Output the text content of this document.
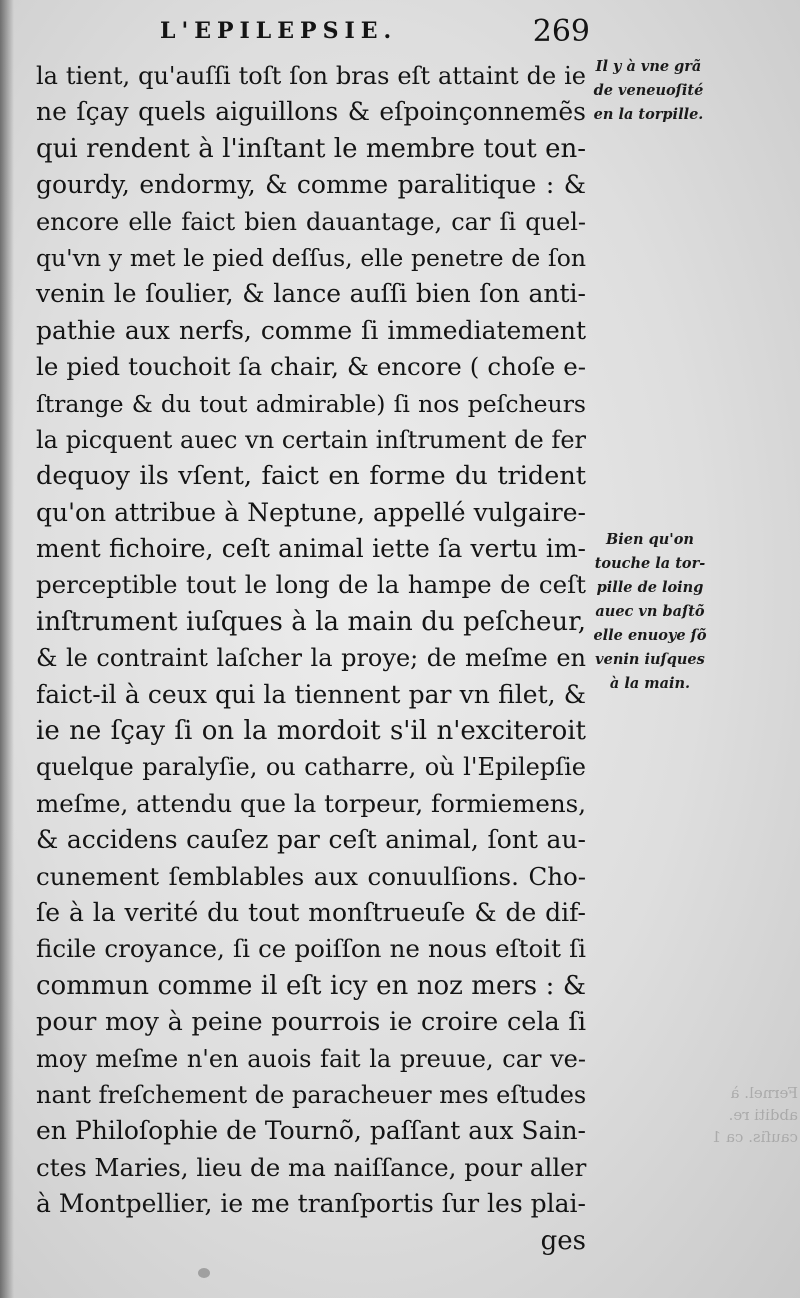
L'EPILEPSIE.	269
la tient, qu'auſſi toſt ſon bras eſt attaint de ie
ne ſçay quels aiguillons & eſpoinçonnemẽs
qui rendent à l'inſtant le membre tout en-
gourdy, endormy, & comme paralitique : &
encore elle faict bien dauantage, car ſi quel-
qu'vn y met le pied deſſus, elle penetre de ſon
venin le ſoulier, & lance auſſi bien ſon anti-
pathie aux nerfs, comme ſi immediatement
le pied touchoit ſa chair, & encore ( choſe e-
ſtrange & du tout admirable) ſi nos peſcheurs
la picquent auec vn certain inſtrument de fer
dequoy ils vſent, faict en forme du trident
qu'on attribue à Neptune, appellé vulgaire-
ment fichoire, ceſt animal iette ſa vertu im-
perceptible tout le long de la hampe de ceſt
inſtrument iuſques à la main du peſcheur,
& le contraint laſcher la proye; de meſme en
faict-il à ceux qui la tiennent par vn filet, &
ie ne ſçay ſi on la mordoit s'il n'exciteroit
quelque paralyſie, ou catharre, où l'Epilepſie
meſme, attendu que la torpeur, formiemens,
& accidens cauſez par ceſt animal, ſont au-
cunement ſemblables aux conuulſions. Cho-
ſe à la verité du tout monſtrueuſe & de dif-
ficile croyance, ſi ce poiſſon ne nous eſtoit ſi
commun comme il eſt icy en noz mers : &
pour moy à peine pourrois ie croire cela ſi
moy meſme n'en auois fait la preuue, car ve-
nant freſchement de paracheuer mes eſtudes
en Philoſophie de Tournõ, paſſant aux Sain-
ctes Maries, lieu de ma naiſſance, pour aller
à Montpellier, ie me tranſportis ſur les plai-
ges
Il y à vne grã
de veneuoſité
en la torpille.
Bien qu'on
touche la tor-
pille de loing
auec vn baſtõ
elle enuoye ſõ
venin iuſques
à la main.
Fernel. à
abditi re.
cauſis. ca 1
